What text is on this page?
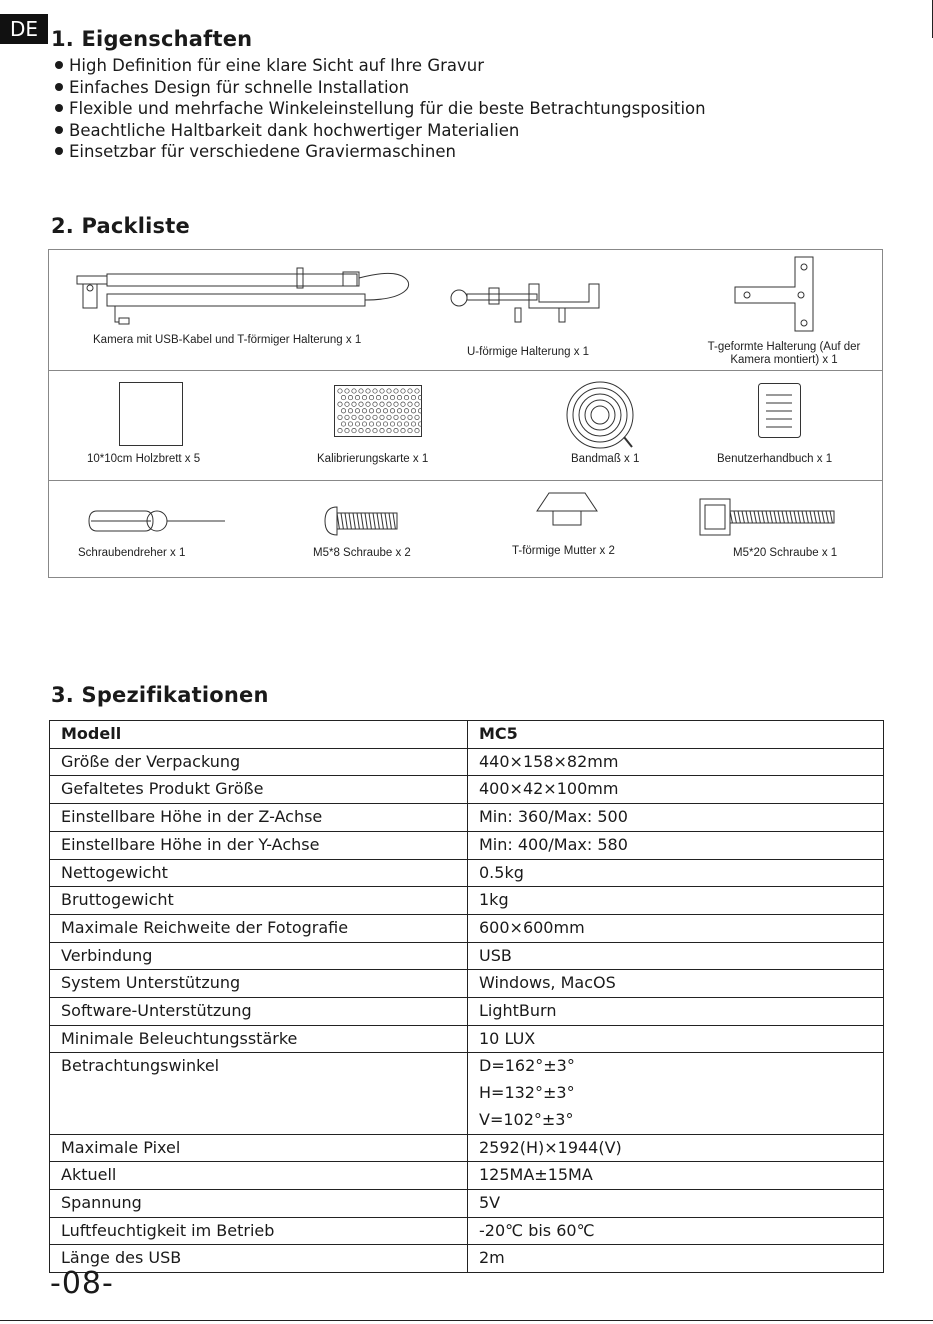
DE 1. Eigenschaften
High Definition für eine klare Sicht auf Ihre Gravur
Einfaches Design für schnelle Installation
Flexible und mehrfache Winkeleinstellung für die beste Betrachtungsposition
Beachtliche Haltbarkeit dank hochwertiger Materialien
Einsetzbar für verschiedene Graviermaschinen
2. Packliste
Kamera mit USB-Kabel und T-förmiger Halterung x 1
U-förmige Halterung x 1	T-geformte Halterung (Auf der
Kamera montiert) x 1
10*10cm Holzbrett x 5	Kalibrierungskarte x 1	Bandmaß x 1	Benutzerhandbuch x 1
Schraubendreher x 1	M5*8 Schraube x 2	T-förmige Mutter x 2	M5*20 Schraube x 1
3. Spezifikationen
Modell	MC5
Größe der Verpackung	440×158×82mm
Gefaltetes Produkt Größe	400×42×100mm
Einstellbare Höhe in der Z-Achse	Min: 360/Max: 500
Einstellbare Höhe in der Y-Achse	Min: 400/Max: 580
Nettogewicht	0.5kg
Bruttogewicht	1kg
Maximale Reichweite der Fotografie	600×600mm
Verbindung	USB
System Unterstützung	Windows, MacOS
Software-Unterstützung	LightBurn
Minimale Beleuchtungsstärke	10 LUX
Betrachtungswinkel	D=162°±3°
H=132°±3°
V=102°±3°

Maximale Pixel	2592(H)×1944(V)
Aktuell	125MA±15MA
Spannung	5V
Luftfeuchtigkeit im Betrieb	-20℃ bis 60℃
Länge des USB	2m
-08-
